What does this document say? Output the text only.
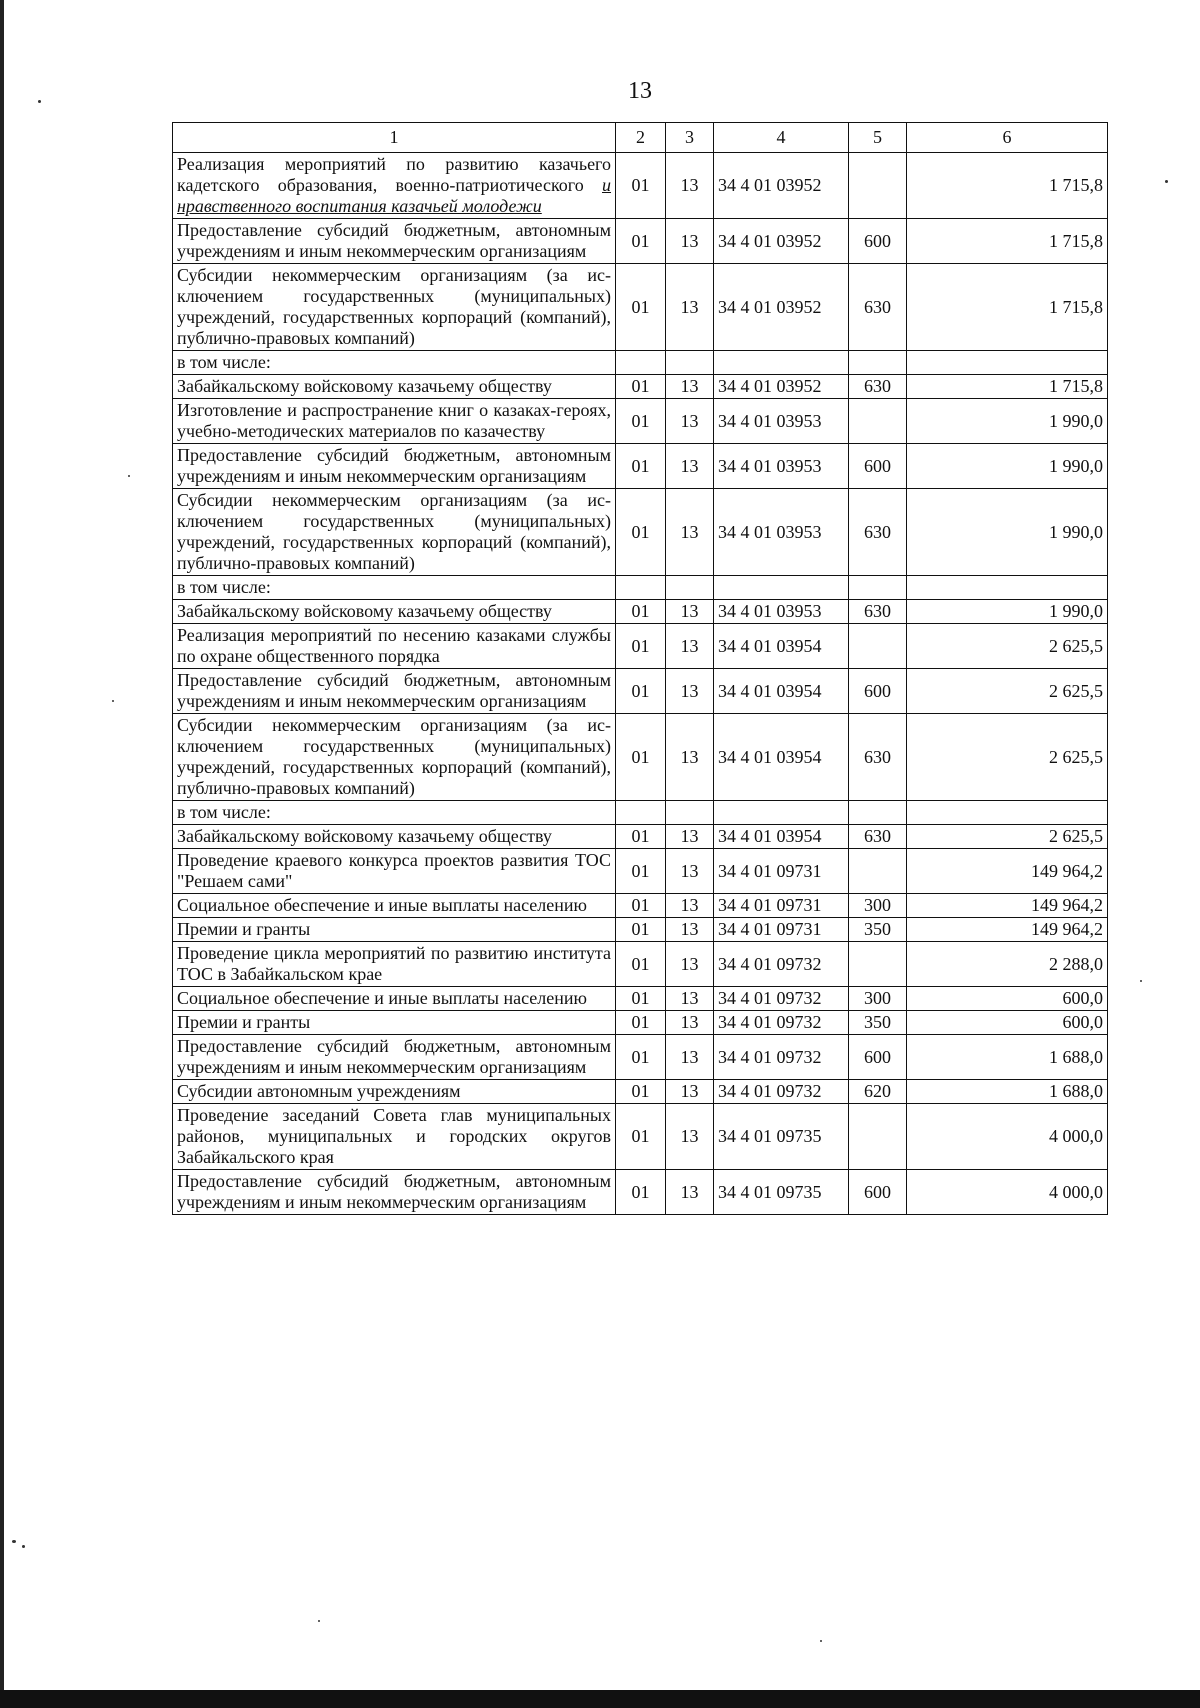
13
1	2	3	4	5	6
Реализация мероприятий по развитию казачьего кадетского образования, военно-патриотического и нравственного воспитания казачьей молодежи	01	13	34 4 01 03952		1 715,8
Предоставление субсидий бюджетным, автономным учреждениям и иным некоммерческим организациям	01	13	34 4 01 03952	600	1 715,8
Субсидии некоммерческим организациям (за исключением государственных (муниципальных) учреждений, государственных корпораций (компаний), публично-правовых компаний)	01	13	34 4 01 03952	630	1 715,8
в том числе:					
Забайкальскому войсковому казачьему обществу	01	13	34 4 01 03952	630	1 715,8
Изготовление и распространение книг о казаках-героях, учебно-методических материалов по казачеству	01	13	34 4 01 03953		1 990,0
Предоставление субсидий бюджетным, автономным учреждениям и иным некоммерческим организациям	01	13	34 4 01 03953	600	1 990,0
Субсидии некоммерческим организациям (за исключением государственных (муниципальных) учреждений, государственных корпораций (компаний), публично-правовых компаний)	01	13	34 4 01 03953	630	1 990,0
в том числе:					
Забайкальскому войсковому казачьему обществу	01	13	34 4 01 03953	630	1 990,0
Реализация мероприятий по несению казаками службы по охране общественного порядка	01	13	34 4 01 03954		2 625,5
Предоставление субсидий бюджетным, автономным учреждениям и иным некоммерческим организациям	01	13	34 4 01 03954	600	2 625,5
Субсидии некоммерческим организациям (за исключением государственных (муниципальных) учреждений, государственных корпораций (компаний), публично-правовых компаний)	01	13	34 4 01 03954	630	2 625,5
в том числе:					
Забайкальскому войсковому казачьему обществу	01	13	34 4 01 03954	630	2 625,5
Проведение краевого конкурса проектов развития ТОС "Решаем сами"	01	13	34 4 01 09731		149 964,2
Социальное обеспечение и иные выплаты населению	01	13	34 4 01 09731	300	149 964,2
Премии и гранты	01	13	34 4 01 09731	350	149 964,2
Проведение цикла мероприятий по развитию института ТОС в Забайкальском крае	01	13	34 4 01 09732		2 288,0
Социальное обеспечение и иные выплаты населению	01	13	34 4 01 09732	300	600,0
Премии и гранты	01	13	34 4 01 09732	350	600,0
Предоставление субсидий бюджетным, автономным учреждениям и иным некоммерческим организациям	01	13	34 4 01 09732	600	1 688,0
Субсидии автономным учреждениям	01	13	34 4 01 09732	620	1 688,0
Проведение заседаний Совета глав муниципальных районов, муниципальных и городских округов Забайкальского края	01	13	34 4 01 09735		4 000,0
Предоставление субсидий бюджетным, автономным учреждениям и иным некоммерческим организациям	01	13	34 4 01 09735	600	4 000,0
